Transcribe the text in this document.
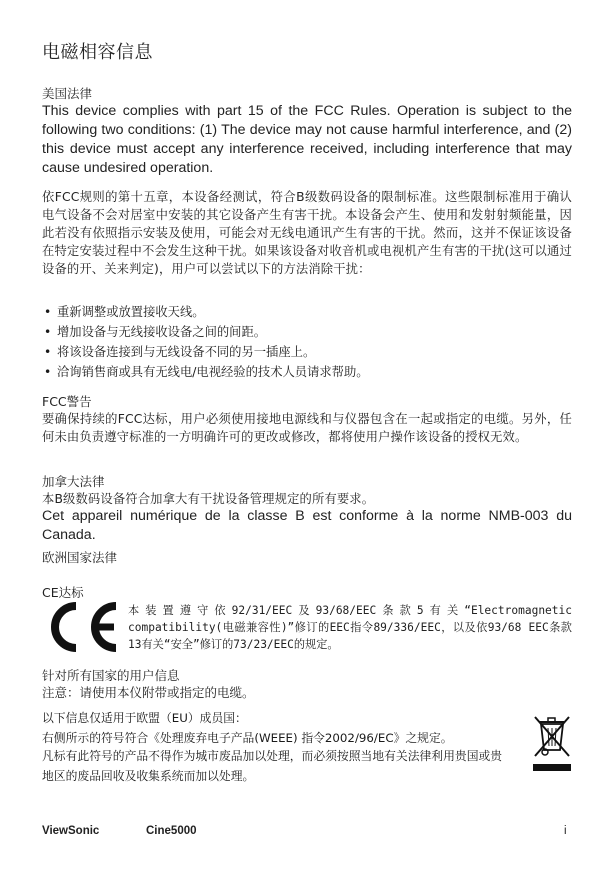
电磁相容信息
美国法律
This device complies with part 15 of the FCC Rules. Operation is subject to the following two conditions: (1) The device may not cause harmful interference, and (2) this device must accept any interference received, including interference that may cause undesired operation.
依FCC规则的第十五章，本设备经测试，符合B级数码设备的限制标准。这些限制标准用于确认电气设备不会对居室中安装的其它设备产生有害干扰。本设备会产生、使用和发射射频能量，因此若没有依照指示安装及使用，可能会对无线电通讯产生有害的干扰。然而，这并不保证该设备在特定安装过程中不会发生这种干扰。如果该设备对收音机或电视机产生有害的干扰(这可以通过设备的开、关来判定)，用户可以尝试以下的方法消除干扰：
• 重新调整或放置接收天线。
• 增加设备与无线接收设备之间的间距。
• 将该设备连接到与无线设备不同的另一插座上。
• 洽询销售商或具有无线电/电视经验的技术人员请求帮助。
FCC警告
要确保持续的FCC达标，用户必须使用接地电源线和与仪器包含在一起或指定的电缆。另外，任何未由负责遵守标准的一方明确许可的更改或修改，都将使用户操作该设备的授权无效。
加拿大法律
本B级数码设备符合加拿大有干扰设备管理规定的所有要求。
Cet appareil numérique de la classe B est conforme à la norme NMB-003 du Canada.
欧洲国家法律
CE达标
本装置遵守依92/31/EEC及93/68/EEC条款5有关“Electromagnetic compatibility(电磁兼容性)”修订的EEC指令89/336/EEC，以及依93/68 EEC条款13有关“安全”修订的73/23/EEC的规定。
针对所有国家的用户信息
注意：请使用本仪附带或指定的电缆。
以下信息仅适用于欧盟（EU）成员国：
右侧所示的符号符合《处理废弃电子产品(WEEE) 指令2002/96/EC》之规定。
凡标有此符号的产品不得作为城市废品加以处理，而必须按照当地有关法律利用贵国或贵地区的废品回收及收集系统而加以处理。
ViewSonic	Cine5000	i
